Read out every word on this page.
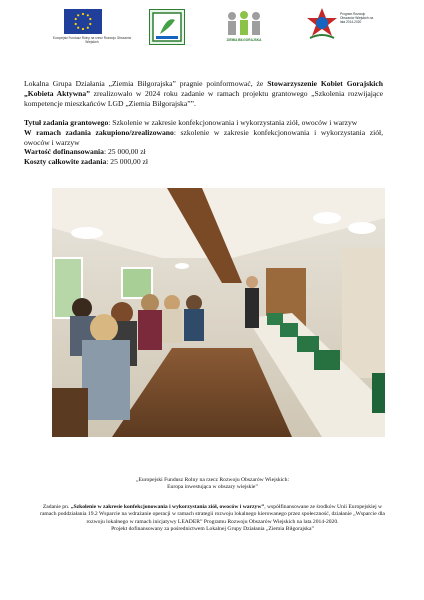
Europejski Fundusz Rolny na rzecz Rozwoju Obszarów Wiejskich	ZIEMIA BIŁGORAJSKA
Program Rozwoju Obszarów Wiejskich na lata 2014-2020

Lokalna Grupa Działania „Ziemia Biłgorajska” pragnie poinformować, że Stowarzyszenie Kobiet Gorajskich „Kobieta Aktywna” zrealizowało w 2024 roku zadanie w ramach projektu grantowego „Szkolenia rozwijające kompetencje mieszkańców LGD „Ziemia Biłgorajska””.

Tytuł zadania grantowego: Szkolenie w zakresie konfekcjonowania i wykorzystania ziół, owoców i warzyw

W ramach zadania zakupiono/zrealizowano: szkolenie w zakresie konfekcjonowania i wykorzystania ziół, owoców i warzyw

Wartość dofinansowania: 25 000,00 zł

Koszty całkowite zadania: 25 000,00 zł

„Europejski Fundusz Rolny na rzecz Rozwoju Obszarów Wiejskich:

Europa inwestująca w obszary wiejskie”

Zadanie pn. „Szkolenie w zakresie konfekcjonowania i wykorzystania ziół, owoców i warzyw”, współfinansowane ze środków Unii Europejskiej w ramach poddziałania 19.2 Wsparcie na wdrażanie operacji w ramach strategii rozwoju lokalnego kierowanego przez społeczność, działanie „Wsparcie dla rozwoju lokalnego w ramach inicjatywy LEADER” Programu Rozwoju Obszarów Wiejskich na lata 2014-2020.

Projekt dofinansowany za pośrednictwem Lokalnej Grupy Działania „Ziemia Biłgorajska”
